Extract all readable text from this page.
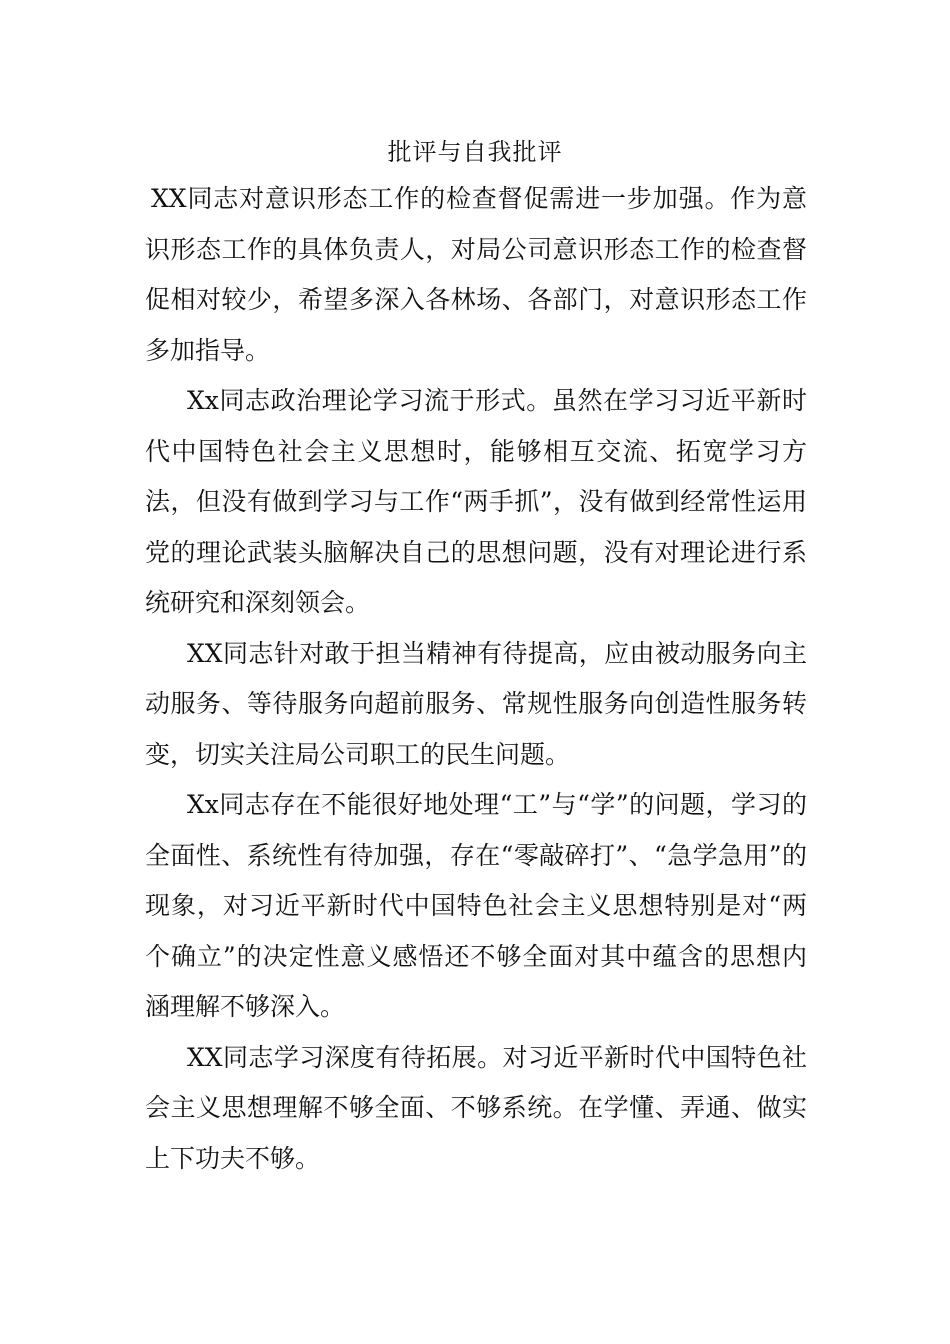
批评与自我批评

XX同志对意识形态工作的检查督促需进一步加强。作为意识形态工作的具体负责人，对局公司意识形态工作的检查督促相对较少，希望多深入各林场、各部门，对意识形态工作多加指导。

Xx同志政治理论学习流于形式。虽然在学习习近平新时代中国特色社会主义思想时，能够相互交流、拓宽学习方法，但没有做到学习与工作“两手抓”，没有做到经常性运用党的理论武装头脑解决自己的思想问题，没有对理论进行系统研究和深刻领会。

XX同志针对敢于担当精神有待提高，应由被动服务向主动服务、等待服务向超前服务、常规性服务向创造性服务转变，切实关注局公司职工的民生问题。

Xx同志存在不能很好地处理“工”与“学”的问题，学习的全面性、系统性有待加强，存在“零敲碎打”、“急学急用”的现象，对习近平新时代中国特色社会主义思想特别是对“两个确立”的决定性意义感悟还不够全面对其中蕴含的思想内涵理解不够深入。

XX同志学习深度有待拓展。对习近平新时代中国特色社会主义思想理解不够全面、不够系统。在学懂、弄通、做实上下功夫不够。
